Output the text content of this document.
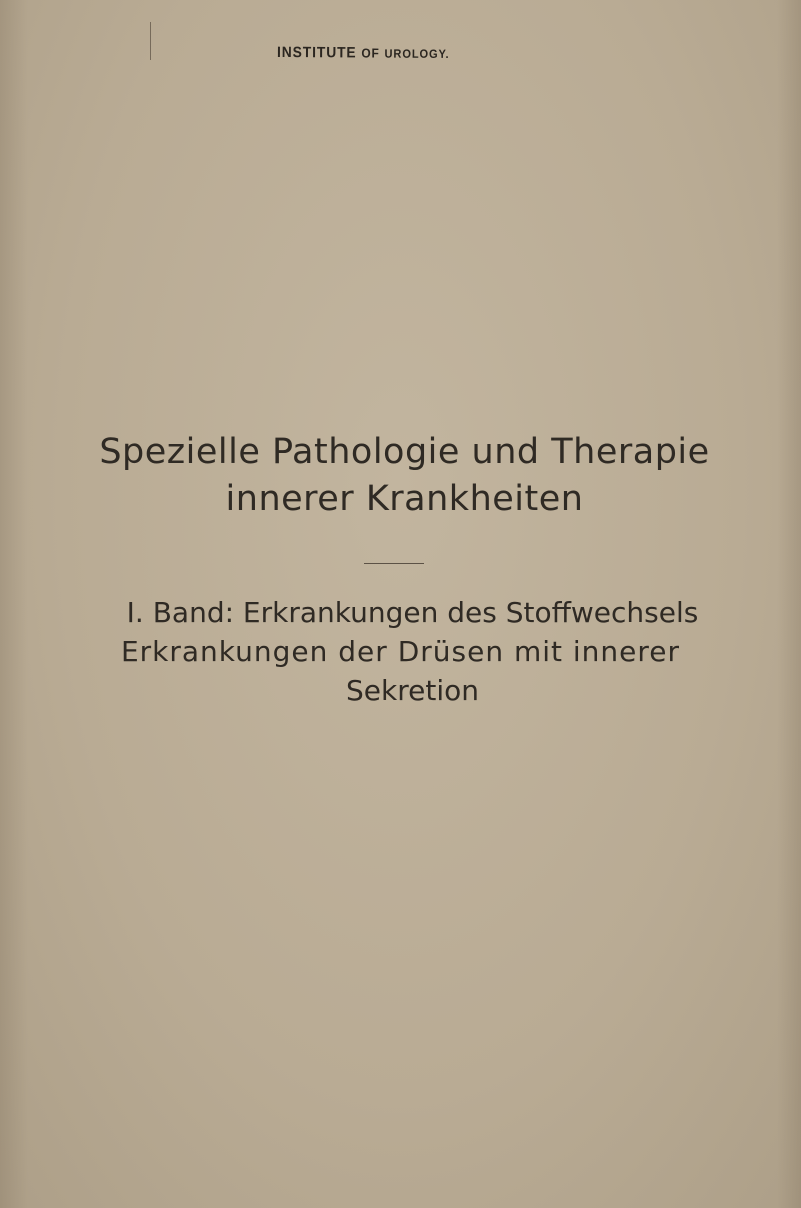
INSTITUTE OF UROLOGY.
Spezielle Pathologie und Therapie
innerer Krankheiten
I. Band: Erkrankungen des Stoffwechsels
Erkrankungen der Drüsen mit innerer
Sekretion
